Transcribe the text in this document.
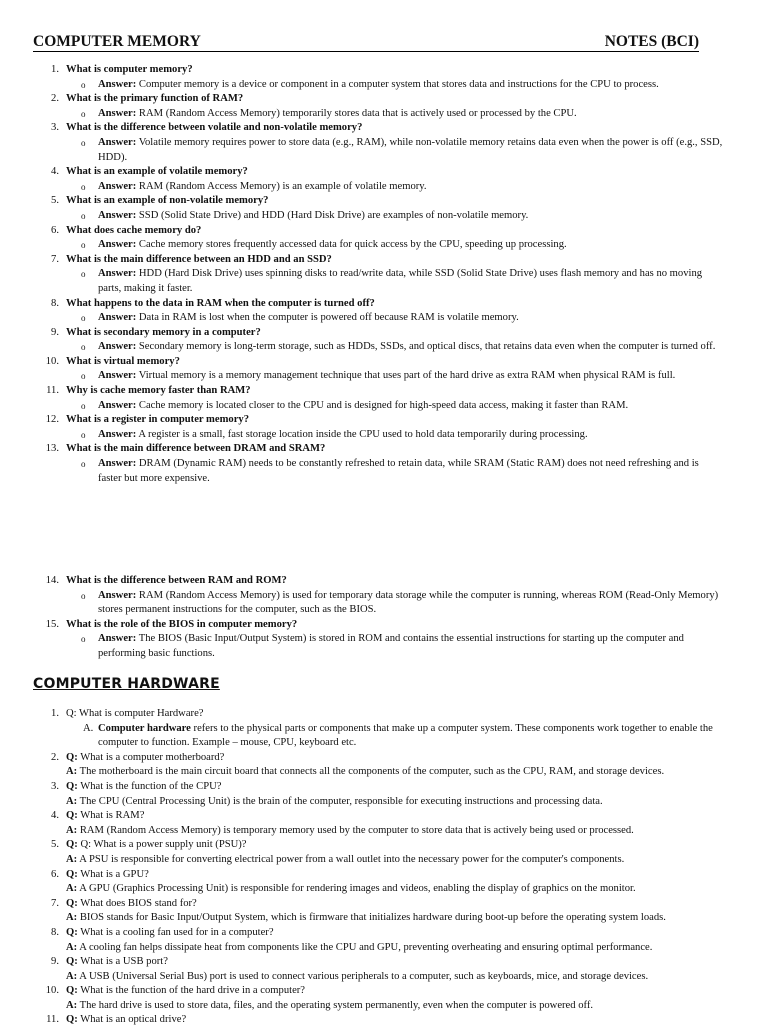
COMPUTER MEMORY	NOTES (BCI)
1. What is computer memory?
o Answer: Computer memory is a device or component in a computer system that stores data and instructions for the CPU to process.
2. What is the primary function of RAM?
o Answer: RAM (Random Access Memory) temporarily stores data that is actively used or processed by the CPU.
3. What is the difference between volatile and non-volatile memory?
o Answer: Volatile memory requires power to store data (e.g., RAM), while non-volatile memory retains data even when the power is off (e.g., SSD, HDD).
4. What is an example of volatile memory?
o Answer: RAM (Random Access Memory) is an example of volatile memory.
5. What is an example of non-volatile memory?
o Answer: SSD (Solid State Drive) and HDD (Hard Disk Drive) are examples of non-volatile memory.
6. What does cache memory do?
o Answer: Cache memory stores frequently accessed data for quick access by the CPU, speeding up processing.
7. What is the main difference between an HDD and an SSD?
o Answer: HDD (Hard Disk Drive) uses spinning disks to read/write data, while SSD (Solid State Drive) uses flash memory and has no moving parts, making it faster.
8. What happens to the data in RAM when the computer is turned off?
o Answer: Data in RAM is lost when the computer is powered off because RAM is volatile memory.
9. What is secondary memory in a computer?
o Answer: Secondary memory is long-term storage, such as HDDs, SSDs, and optical discs, that retains data even when the computer is turned off.
10. What is virtual memory?
o Answer: Virtual memory is a memory management technique that uses part of the hard drive as extra RAM when physical RAM is full.
11. Why is cache memory faster than RAM?
o Answer: Cache memory is located closer to the CPU and is designed for high-speed data access, making it faster than RAM.
12. What is a register in computer memory?
o Answer: A register is a small, fast storage location inside the CPU used to hold data temporarily during processing.
13. What is the main difference between DRAM and SRAM?
o Answer: DRAM (Dynamic RAM) needs to be constantly refreshed to retain data, while SRAM (Static RAM) does not need refreshing and is faster but more expensive.
14. What is the difference between RAM and ROM?
o Answer: RAM (Random Access Memory) is used for temporary data storage while the computer is running, whereas ROM (Read-Only Memory) stores permanent instructions for the computer, such as the BIOS.
15. What is the role of the BIOS in computer memory?
o Answer: The BIOS (Basic Input/Output System) is stored in ROM and contains the essential instructions for starting up the computer and performing basic functions.
COMPUTER HARDWARE
1. Q: What is computer Hardware?
A. Computer hardware refers to the physical parts or components that make up a computer system. These components work together to enable the computer to function. Example – mouse, CPU, keyboard etc.
2. Q: What is a computer motherboard?
A: The motherboard is the main circuit board that connects all the components of the computer, such as the CPU, RAM, and storage devices.
3. Q: What is the function of the CPU?
A: The CPU (Central Processing Unit) is the brain of the computer, responsible for executing instructions and processing data.
4. Q: What is RAM?
A: RAM (Random Access Memory) is temporary memory used by the computer to store data that is actively being used or processed.
5. Q: Q: What is a power supply unit (PSU)?
A: A PSU is responsible for converting electrical power from a wall outlet into the necessary power for the computer's components.
6. Q: What is a GPU?
A: A GPU (Graphics Processing Unit) is responsible for rendering images and videos, enabling the display of graphics on the monitor.
7. Q: What does BIOS stand for?
A: BIOS stands for Basic Input/Output System, which is firmware that initializes hardware during boot-up before the operating system loads.
8. Q: What is a cooling fan used for in a computer?
A: A cooling fan helps dissipate heat from components like the CPU and GPU, preventing overheating and ensuring optimal performance.
9. Q: What is a USB port?
A: A USB (Universal Serial Bus) port is used to connect various peripherals to a computer, such as keyboards, mice, and storage devices.
10. Q: What is the function of the hard drive in a computer?
A: The hard drive is used to store data, files, and the operating system permanently, even when the computer is powered off.
11. Q: What is an optical drive?
